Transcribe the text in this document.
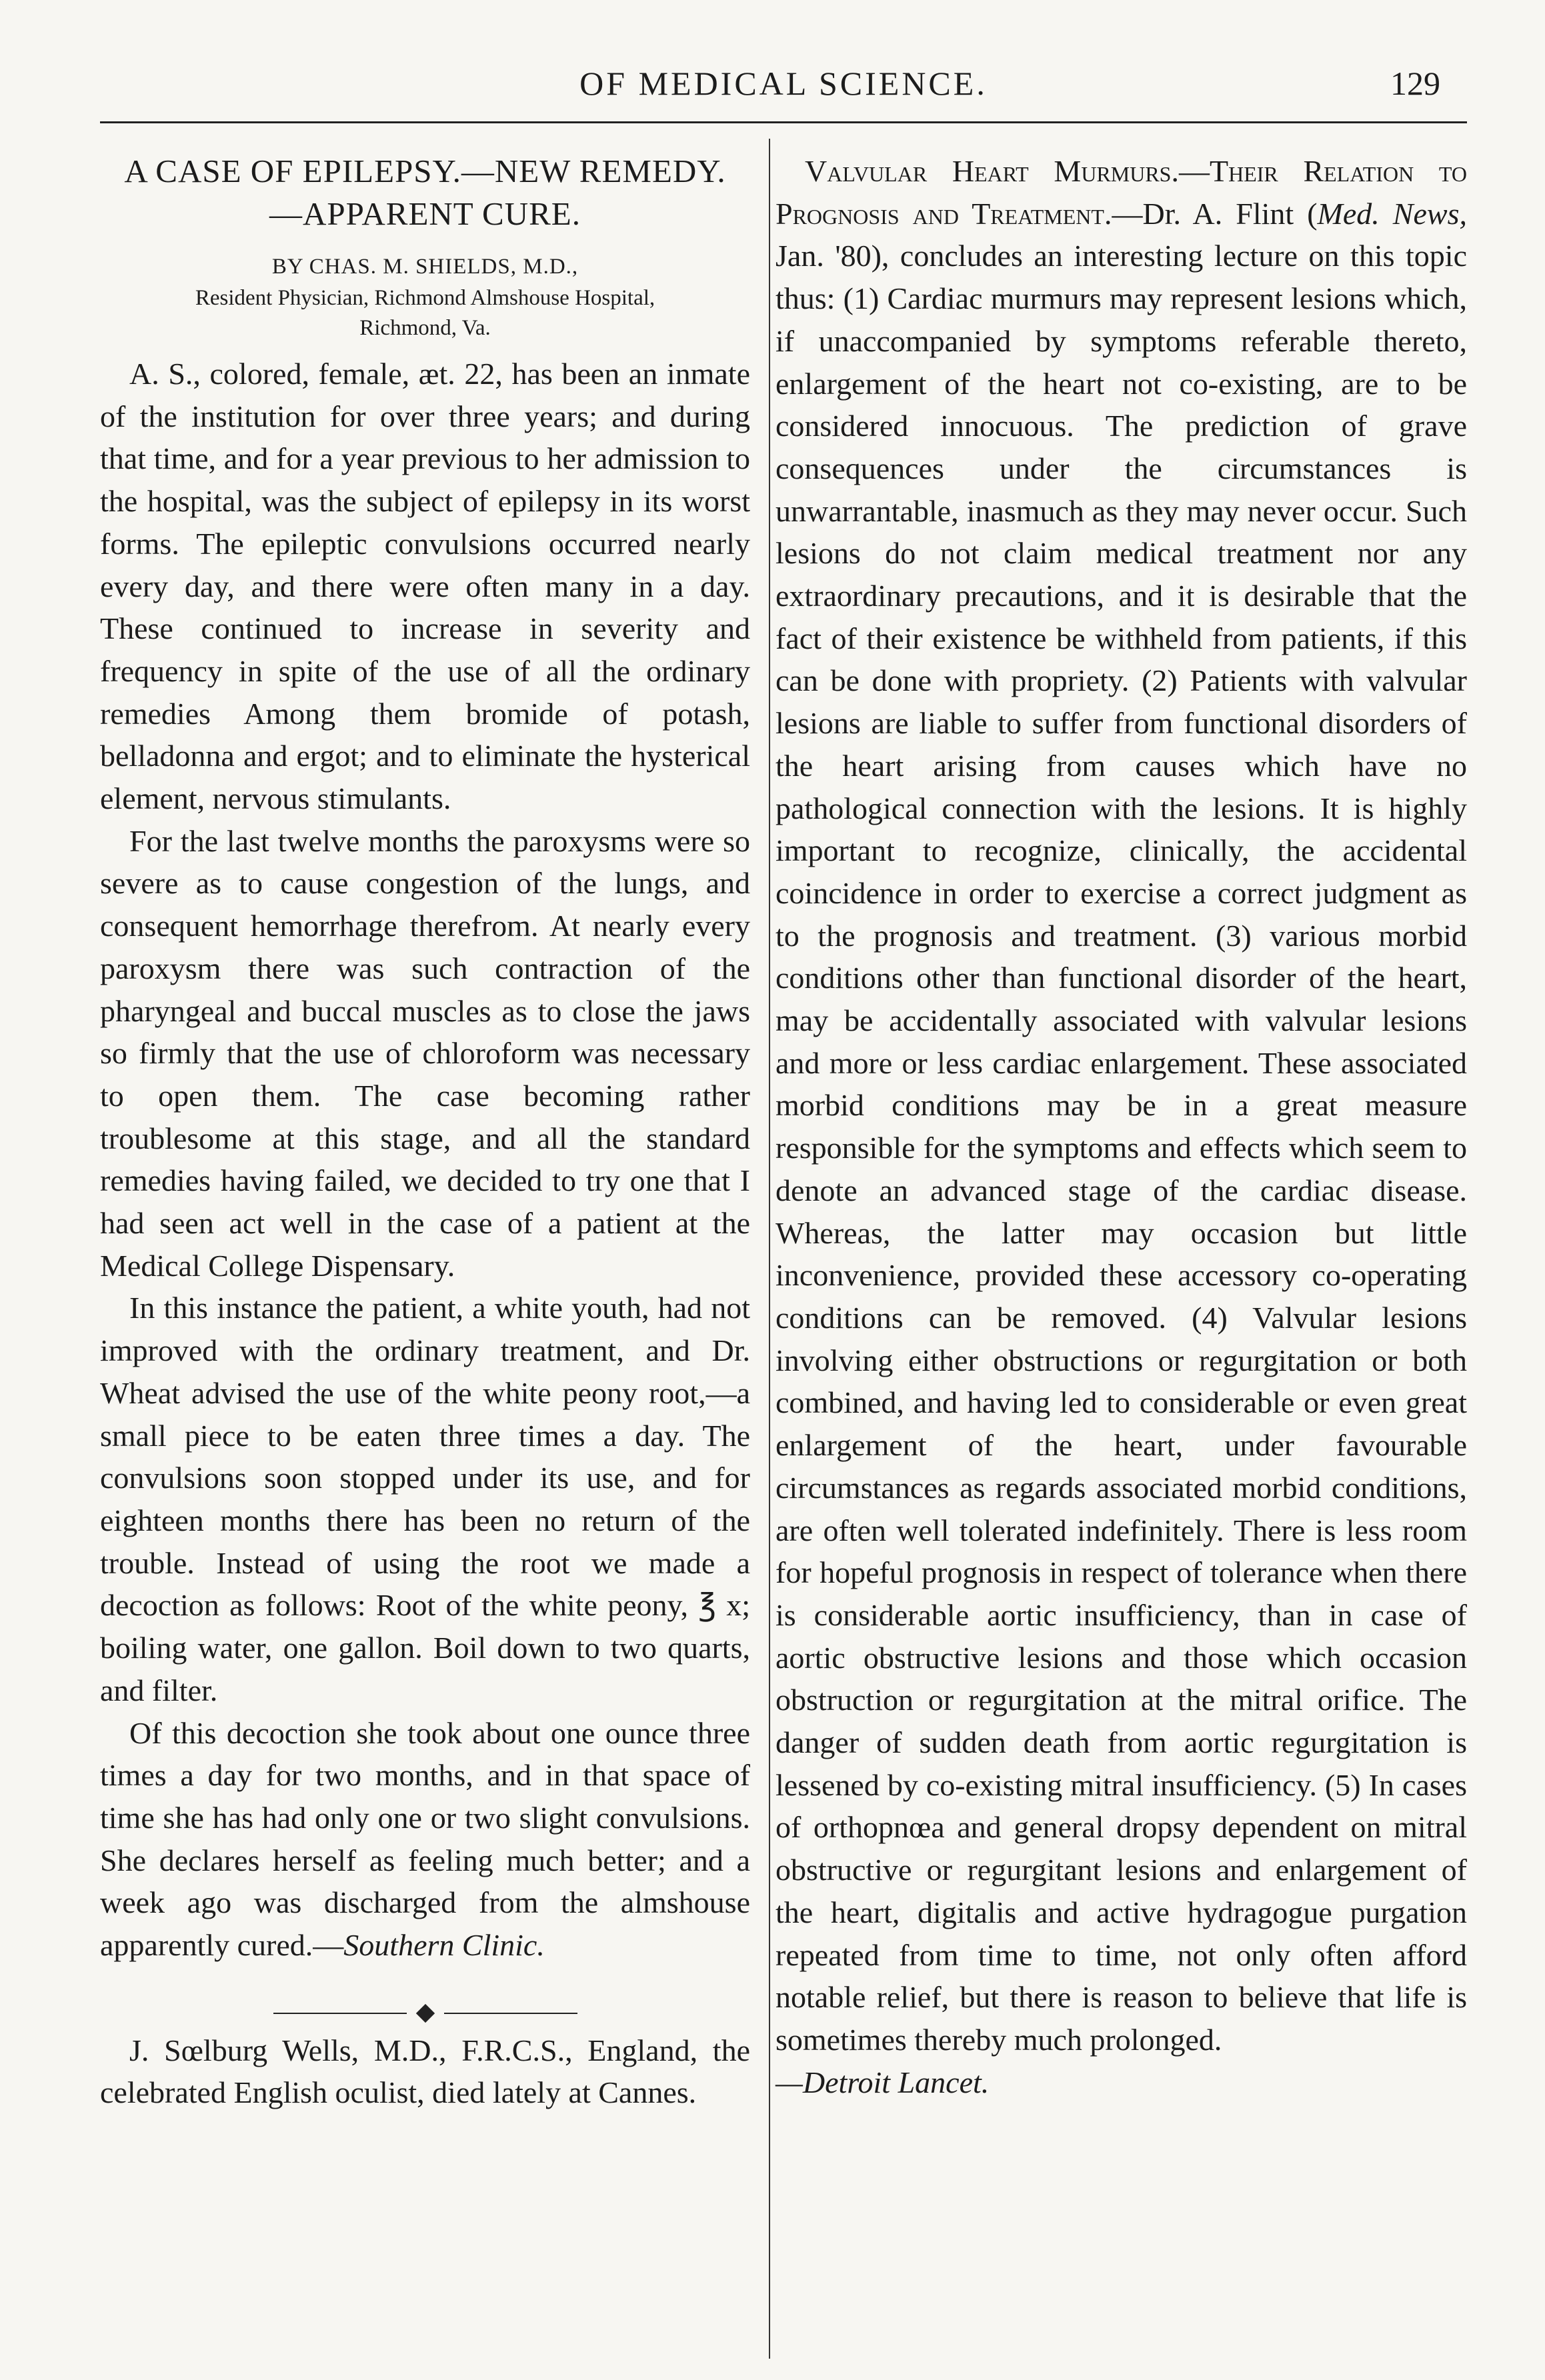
OF MEDICAL SCIENCE.	129
A CASE OF EPILEPSY.—NEW REMEDY.
—APPARENT CURE.
BY CHAS. M. SHIELDS, M.D.,
Resident Physician, Richmond Almshouse Hospital,
Richmond, Va.

A. S., colored, female, æt. 22, has been an inmate of the institution for over three years; and during that time, and for a year previous to her admission to the hospital, was the subject of epilepsy in its worst forms. The epileptic convulsions occurred nearly every day, and there were often many in a day. These continued to increase in severity and frequency in spite of the use of all the ordinary remedies Among them bromide of potash, belladonna and ergot; and to eliminate the hysterical element, nervous stimulants.

For the last twelve months the paroxysms were so severe as to cause congestion of the lungs, and consequent hemorrhage therefrom. At nearly every paroxysm there was such contraction of the pharyngeal and buccal muscles as to close the jaws so firmly that the use of chloroform was necessary to open them. The case becoming rather troublesome at this stage, and all the standard remedies having failed, we decided to try one that I had seen act well in the case of a patient at the Medical College Dispensary.

In this instance the patient, a white youth, had not improved with the ordinary treatment, and Dr. Wheat advised the use of the white peony root,—a small piece to be eaten three times a day. The convulsions soon stopped under its use, and for eighteen months there has been no return of the trouble. Instead of using the root we made a decoction as follows: Root of the white peony, ℥ x; boiling water, one gallon. Boil down to two quarts, and filter.

Of this decoction she took about one ounce three times a day for two months, and in that space of time she has had only one or two slight convulsions. She declares herself as feeling much better; and a week ago was discharged from the almshouse apparently cured.—Southern Clinic.

J. Sœlburg Wells, M.D., F.R.C.S., England, the celebrated English oculist, died lately at Cannes.

Valvular Heart Murmurs.—Their Relation to Prognosis and Treatment.—Dr. A. Flint (Med. News, Jan. '80), concludes an interesting lecture on this topic thus: (1) Cardiac murmurs may represent lesions which, if unaccompanied by symptoms referable thereto, enlargement of the heart not co-existing, are to be considered innocuous. The prediction of grave consequences under the circumstances is unwarrantable, inasmuch as they may never occur. Such lesions do not claim medical treatment nor any extraordinary precautions, and it is desirable that the fact of their existence be withheld from patients, if this can be done with propriety. (2) Patients with valvular lesions are liable to suffer from functional disorders of the heart arising from causes which have no pathological connection with the lesions. It is highly important to recognize, clinically, the accidental coincidence in order to exercise a correct judgment as to the prognosis and treatment. (3) various morbid conditions other than functional disorder of the heart, may be accidentally associated with valvular lesions and more or less cardiac enlargement. These associated morbid conditions may be in a great measure responsible for the symptoms and effects which seem to denote an advanced stage of the cardiac disease. Whereas, the latter may occasion but little inconvenience, provided these accessory co-operating conditions can be removed. (4) Valvular lesions involving either obstructions or regurgitation or both combined, and having led to considerable or even great enlargement of the heart, under favourable circumstances as regards associated morbid conditions, are often well tolerated indefinitely. There is less room for hopeful prognosis in respect of tolerance when there is considerable aortic insufficiency, than in case of aortic obstructive lesions and those which occasion obstruction or regurgitation at the mitral orifice. The danger of sudden death from aortic regurgitation is lessened by co-existing mitral insufficiency. (5) In cases of orthopnœa and general dropsy dependent on mitral obstructive or regurgitant lesions and enlargement of the heart, digitalis and active hydragogue purgation repeated from time to time, not only often afford notable relief, but there is reason to believe that life is sometimes thereby much prolonged.

—Detroit Lancet.
